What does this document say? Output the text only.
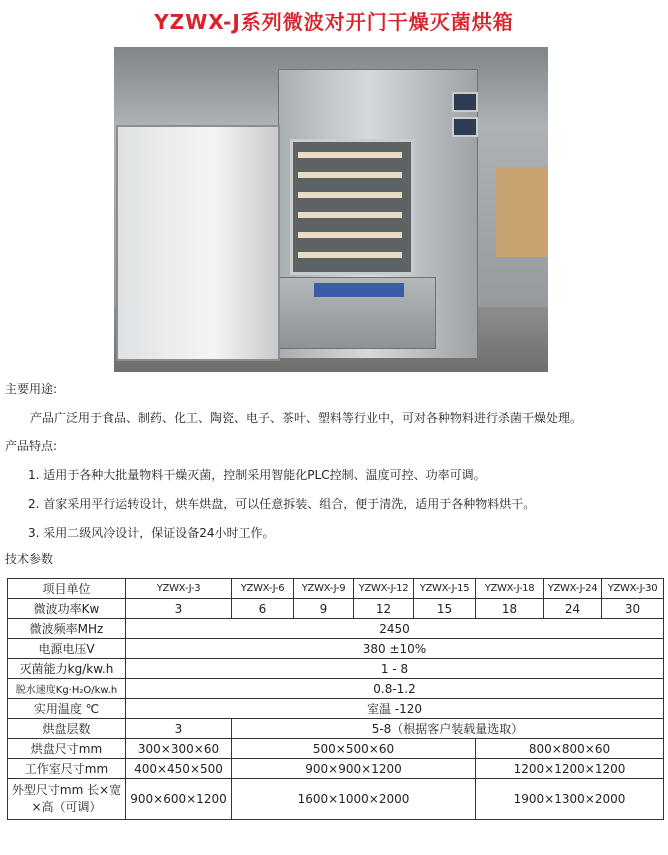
YZWX-J系列微波对开门干燥灭菌烘箱
主要用途:
产品广泛用于食品、制药、化工、陶瓷、电子、茶叶、塑料等行业中，可对各种物料进行杀菌干燥处理。
产品特点:
1. 适用于各种大批量物料干燥灭菌，控制采用智能化PLC控制、温度可控、功率可调。
2. 首家采用平行运转设计，烘车烘盘，可以任意拆装、组合，便于清洗，适用于各种物料烘干。
3. 采用二级风冷设计，保证设备24小时工作。
技术参数
项目单位	YZWX-J-3	YZWX-J-6	YZWX-J-9	YZWX-J-12	YZWX-J-15	YZWX-J-18	YZWX-J-24	YZWX-J-30
微波功率Kw	3	6	9	12	15	18	24	30
微波频率MHz	2450							
电源电压V	380 ±10%							
灭菌能力kg/kw.h	1 - 8							
脱水速度Kg·H₂O/kw.h	0.8-1.2							
实用温度 ℃	室温 -120							
烘盘层数	3	5-8（根据客户装载量选取）						
烘盘尺寸mm	300×300×60	500×500×60				800×800×60		
工作室尺寸mm	400×450×500	900×900×1200				1200×1200×1200		
外型尺寸mm 长×宽×高（可调）	900×600×1200	1600×1000×2000				1900×1300×2000		
